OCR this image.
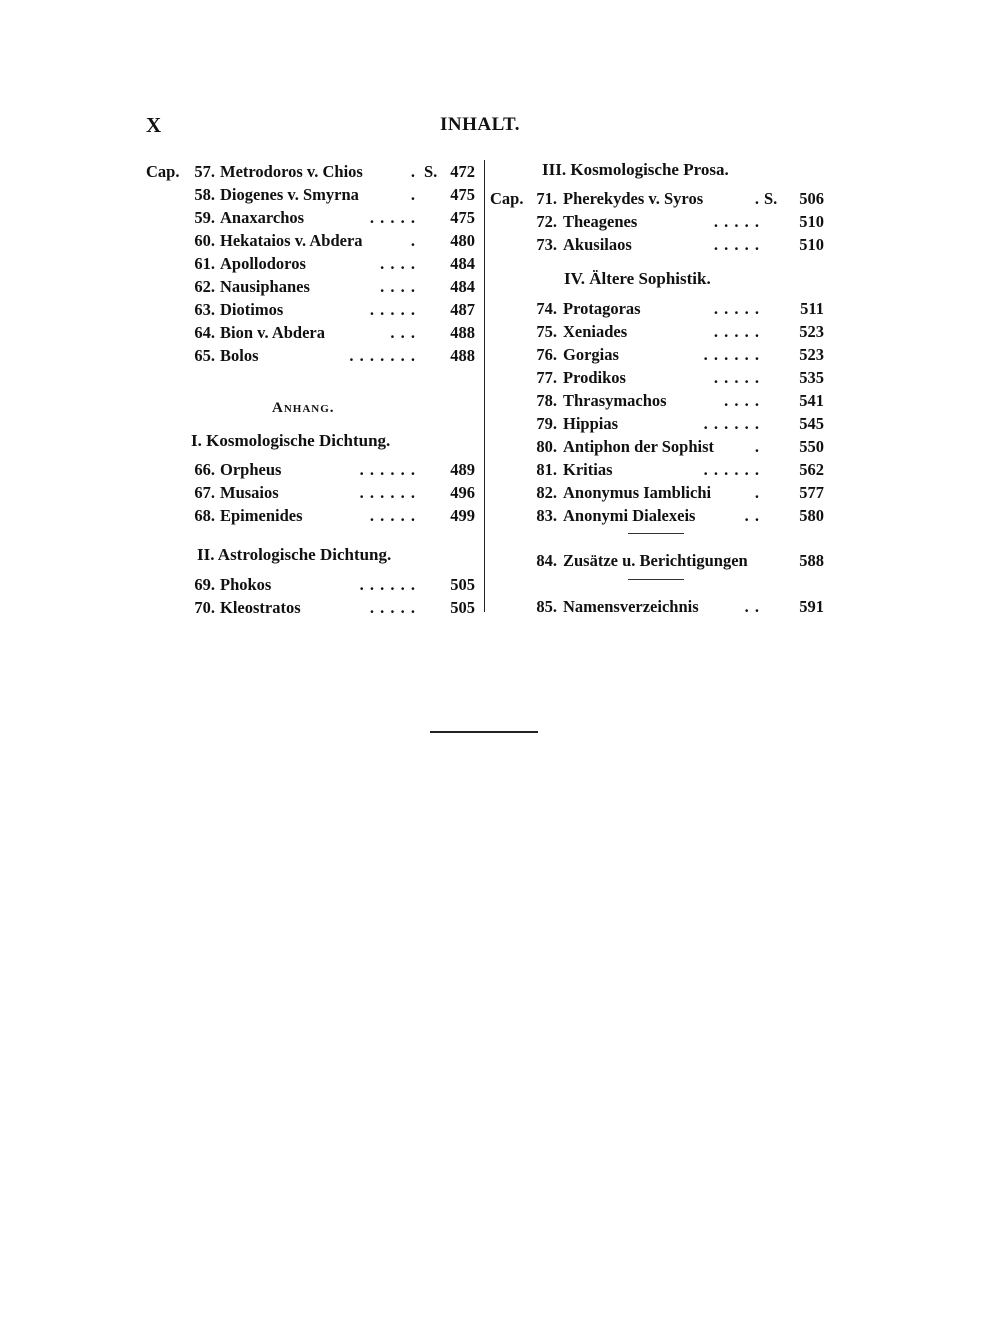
X	INHALT.
Cap. 57. Metrodoros v. Chios	. S. 472
58. Diogenes v. Smyrna	. 475
59. Anaxarchos	. . . . . 475
60. Hekataios v. Abdera	. 480
61. Apollodoros	. . . . 484
62. Nausiphanes	. . . . 484
63. Diotimos	. . . . . 487
64. Bion v. Abdera	. . . 488
65. Bolos	. . . . . . . 488
66. Orpheus	. . . . . . 489
67. Musaios	. . . . . . 496
68. Epimenides	. . . . . 499
69. Phokos	. . . . . . 505
70. Kleostratos	. . . . . 505
Cap. 71. Pherekydes v. Syros	. S. 506
72. Theagenes	. . . . . 510
73. Akusilaos	. . . . . 510
74. Protagoras	. . . . . 511
75. Xeniades	. . . . . 523
76. Gorgias	. . . . . . 523
77. Prodikos	. . . . . 535
78. Thrasymachos	. . . . 541
79. Hippias	. . . . . . 545
80. Antiphon der Sophist . 550
81. Kritias	. . . . . . 562
82. Anonymus Iamblichi	. 577
83. Anonymi Dialexeis	. . 580
84. Zusätze u. Berichtigungen	588
85. Namensverzeichnis	. . 591
Anhang.
I. Kosmologische Dichtung.
II. Astrologische Dichtung.
III. Kosmologische Prosa.
IV. Ältere Sophistik.
